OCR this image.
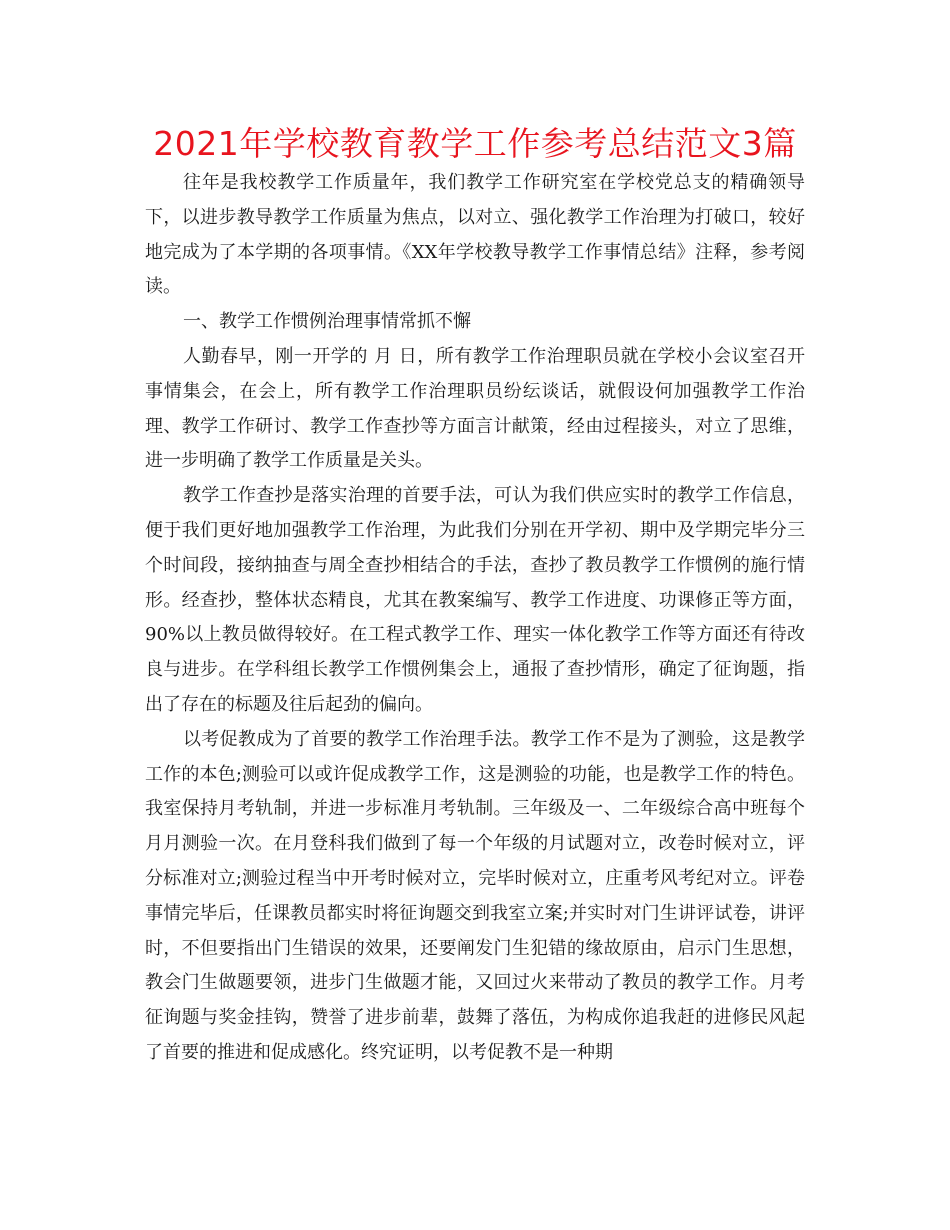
2021年学校教育教学工作参考总结范文3篇

往年是我校教学工作质量年，我们教学工作研究室在学校党总支的精确领导下，以进步教导教学工作质量为焦点，以对立、强化教学工作治理为打破口，较好地完成为了本学期的各项事情。《XX年学校教导教学工作事情总结》注释，参考阅读。

一、教学工作惯例治理事情常抓不懈

人勤春早，刚一开学的 月 日，所有教学工作治理职员就在学校小会议室召开事情集会，在会上，所有教学工作治理职员纷纭谈话，就假设何加强教学工作治理、教学工作研讨、教学工作查抄等方面言计献策，经由过程接头，对立了思维，进一步明确了教学工作质量是关头。

教学工作查抄是落实治理的首要手法，可认为我们供应实时的教学工作信息，便于我们更好地加强教学工作治理，为此我们分别在开学初、期中及学期完毕分三个时间段，接纳抽查与周全查抄相结合的手法，查抄了教员教学工作惯例的施行情形。经查抄，整体状态精良，尤其在教案编写、教学工作进度、功课修正等方面，90%以上教员做得较好。在工程式教学工作、理实一体化教学工作等方面还有待改良与进步。在学科组长教学工作惯例集会上，通报了查抄情形，确定了征询题，指出了存在的标题及往后起劲的偏向。

以考促教成为了首要的教学工作治理手法。教学工作不是为了测验，这是教学工作的本色;测验可以或许促成教学工作，这是测验的功能，也是教学工作的特色。我室保持月考轨制，并进一步标准月考轨制。三年级及一、二年级综合高中班每个月月测验一次。在月登科我们做到了每一个年级的月试题对立，改卷时候对立，评分标准对立;测验过程当中开考时候对立，完毕时候对立，庄重考风考纪对立。评卷事情完毕后，任课教员都实时将征询题交到我室立案;并实时对门生讲评试卷，讲评时，不但要指出门生错误的效果，还要阐发门生犯错的缘故原由，启示门生思想，教会门生做题要领，进步门生做题才能，又回过火来带动了教员的教学工作。月考征询题与奖金挂钩，赞誉了进步前辈，鼓舞了落伍，为构成你追我赶的进修民风起了首要的推进和促成感化。终究证明，以考促教不是一种期
